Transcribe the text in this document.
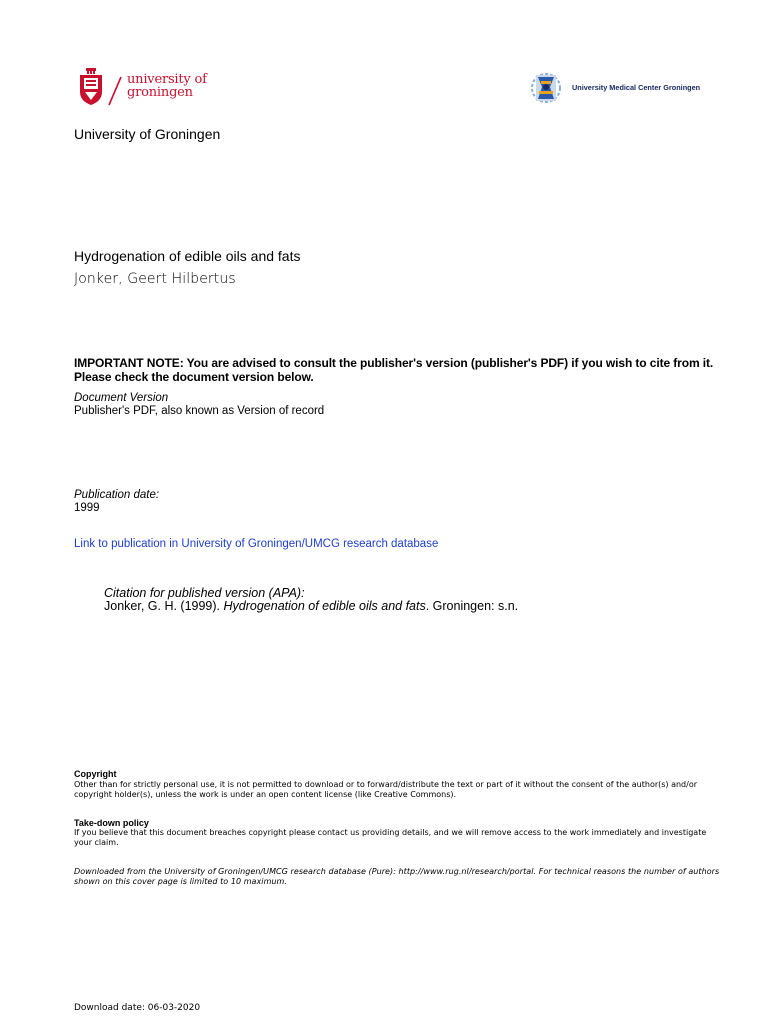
university of
groningen	University Medical Center Groningen
University of Groningen
Hydrogenation of edible oils and fats
Jonker, Geert Hilbertus
IMPORTANT NOTE: You are advised to consult the publisher's version (publisher's PDF) if you wish to cite from it. Please check the document version below.
Document Version
Publisher's PDF, also known as Version of record
Publication date:
1999
Link to publication in University of Groningen/UMCG research database
Citation for published version (APA):
Jonker, G. H. (1999). Hydrogenation of edible oils and fats. Groningen: s.n.
Copyright
Other than for strictly personal use, it is not permitted to download or to forward/distribute the text or part of it without the consent of the author(s) and/or copyright holder(s), unless the work is under an open content license (like Creative Commons).
Take-down policy
If you believe that this document breaches copyright please contact us providing details, and we will remove access to the work immediately and investigate your claim.
Downloaded from the University of Groningen/UMCG research database (Pure): http://www.rug.nl/research/portal. For technical reasons the number of authors shown on this cover page is limited to 10 maximum.
Download date: 06-03-2020
